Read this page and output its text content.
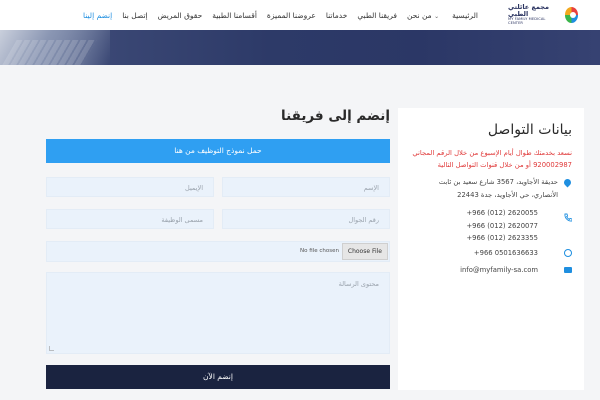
الرئيسية
من نحن ⌄
فريقنا الطبي
خدماتنا
عروضنا المميزة
أقسامنا الطبية
حقوق المريض
إتصل بنا
إنضم إلينا
مجمع عائلتي الطبي
MY FAMILY MEDICAL CENTER
إنضم إلى فريقنا
حمل نموذج التوظيف من هنا
الإسم
الإيميل
رقم الجوال
مسمى الوظيفة
Choose File
No file chosen
محتوى الرسالة
إنضم الآن
بيانات التواصل
نسعد بخدمتك طوال أيام الإسبوع من خلال الرقم المجاني 920002987 أو من خلال قنوات التواصل التالية
حديقة الأجاويد، 3567 شارع سعيد بن ثابت الأنصاري، حي الأجاويد، جدة 22443
+966 (012) 2620055
+966 (012) 2620077
+966 (012) 2623355
+966 0501636633
info@myfamily-sa.com
